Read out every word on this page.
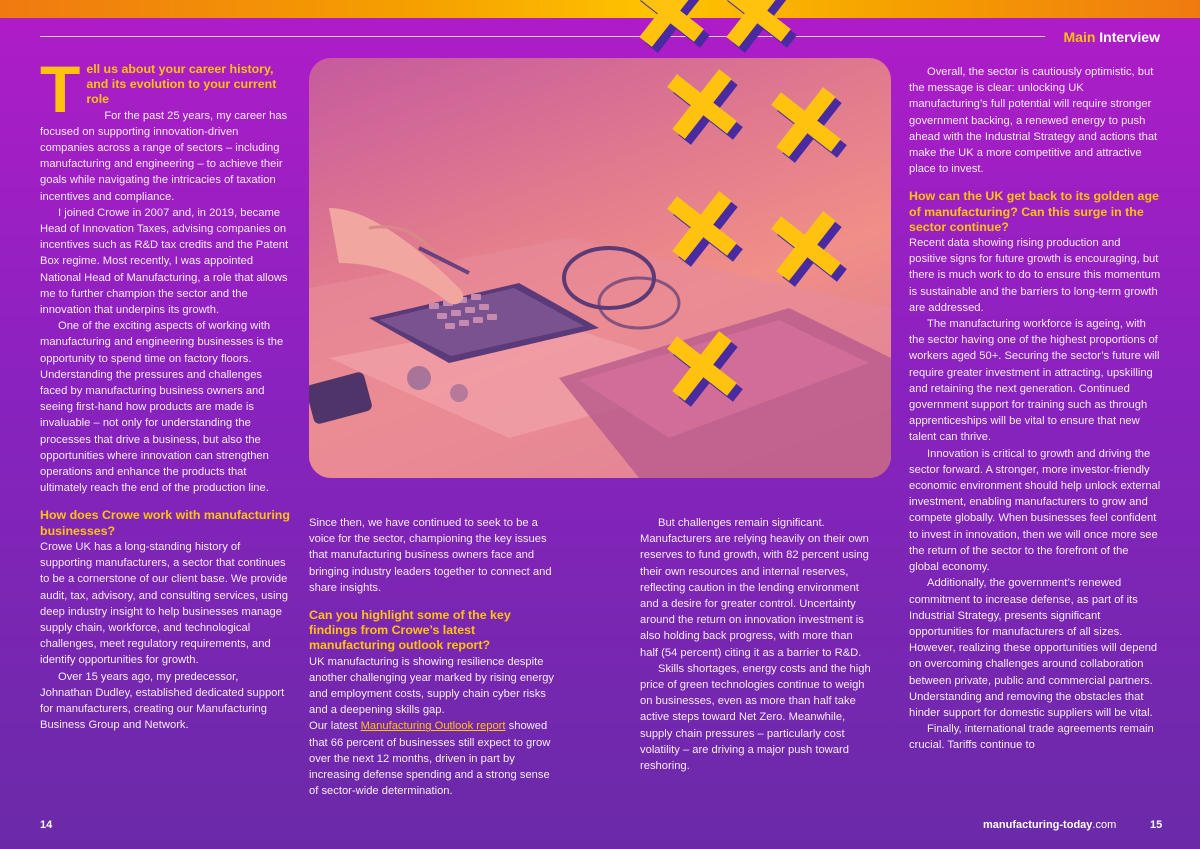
Main Interview
T ell us about your career history, and its evolution to your current role

For the past 25 years, my career has focused on supporting innovation-driven companies across a range of sectors – including manufacturing and engineering – to achieve their goals while navigating the intricacies of taxation incentives and compliance.

I joined Crowe in 2007 and, in 2019, became Head of Innovation Taxes, advising companies on incentives such as R&D tax credits and the Patent Box regime. Most recently, I was appointed National Head of Manufacturing, a role that allows me to further champion the sector and the innovation that underpins its growth.

One of the exciting aspects of working with manufacturing and engineering businesses is the opportunity to spend time on factory floors. Understanding the pressures and challenges faced by manufacturing business owners and seeing first-hand how products are made is invaluable – not only for understanding the processes that drive a business, but also the opportunities where innovation can strengthen operations and enhance the products that ultimately reach the end of the production line.

How does Crowe work with manufacturing businesses?

Crowe UK has a long-standing history of supporting manufacturers, a sector that continues to be a cornerstone of our client base. We provide audit, tax, advisory, and consulting services, using deep industry insight to help businesses manage supply chain, workforce, and technological challenges, meet regulatory requirements, and identify opportunities for growth.

Over 15 years ago, my predecessor, Johnathan Dudley, established dedicated support for manufacturers, creating our Manufacturing Business Group and Network.

Since then, we have continued to seek to be a voice for the sector, championing the key issues that manufacturing business owners face and bringing industry leaders together to connect and share insights.

Can you highlight some of the key findings from Crowe’s latest manufacturing outlook report?

UK manufacturing is showing resilience despite another challenging year marked by rising energy and employment costs, supply chain cyber risks and a deepening skills gap.

Our latest Manufacturing Outlook report showed that 66 percent of businesses still expect to grow over the next 12 months, driven in part by increasing defense spending and a strong sense of sector-wide determination.

But challenges remain significant. Manufacturers are relying heavily on their own reserves to fund growth, with 82 percent using their own resources and internal reserves, reflecting caution in the lending environment and a desire for greater control. Uncertainty around the return on innovation investment is also holding back progress, with more than half (54 percent) citing it as a barrier to R&D.

Skills shortages, energy costs and the high price of green technologies continue to weigh on businesses, even as more than half take active steps toward Net Zero. Meanwhile, supply chain pressures – particularly cost volatility – are driving a major push toward reshoring.

Overall, the sector is cautiously optimistic, but the message is clear: unlocking UK manufacturing’s full potential will require stronger government backing, a renewed energy to push ahead with the Industrial Strategy and actions that make the UK a more competitive and attractive place to invest.

How can the UK get back to its golden age of manufacturing? Can this surge in the sector continue?

Recent data showing rising production and positive signs for future growth is encouraging, but there is much work to do to ensure this momentum is sustainable and the barriers to long-term growth are addressed.

The manufacturing workforce is ageing, with the sector having one of the highest proportions of workers aged 50+. Securing the sector’s future will require greater investment in attracting, upskilling and retaining the next generation. Continued government support for training such as through apprenticeships will be vital to ensure that new talent can thrive.

Innovation is critical to growth and driving the sector forward. A stronger, more investor-friendly economic environment should help unlock external investment, enabling manufacturers to grow and compete globally. When businesses feel confident to invest in innovation, then we will once more see the return of the sector to the forefront of the global economy.

Additionally, the government’s renewed commitment to increase defense, as part of its Industrial Strategy, presents significant opportunities for manufacturers of all sizes. However, realizing these opportunities will depend on overcoming challenges around collaboration between private, public and commercial partners. Understanding and removing the obstacles that hinder support for domestic suppliers will be vital.

Finally, international trade agreements remain crucial. Tariffs continue to

14	manufacturing-today.com	15
